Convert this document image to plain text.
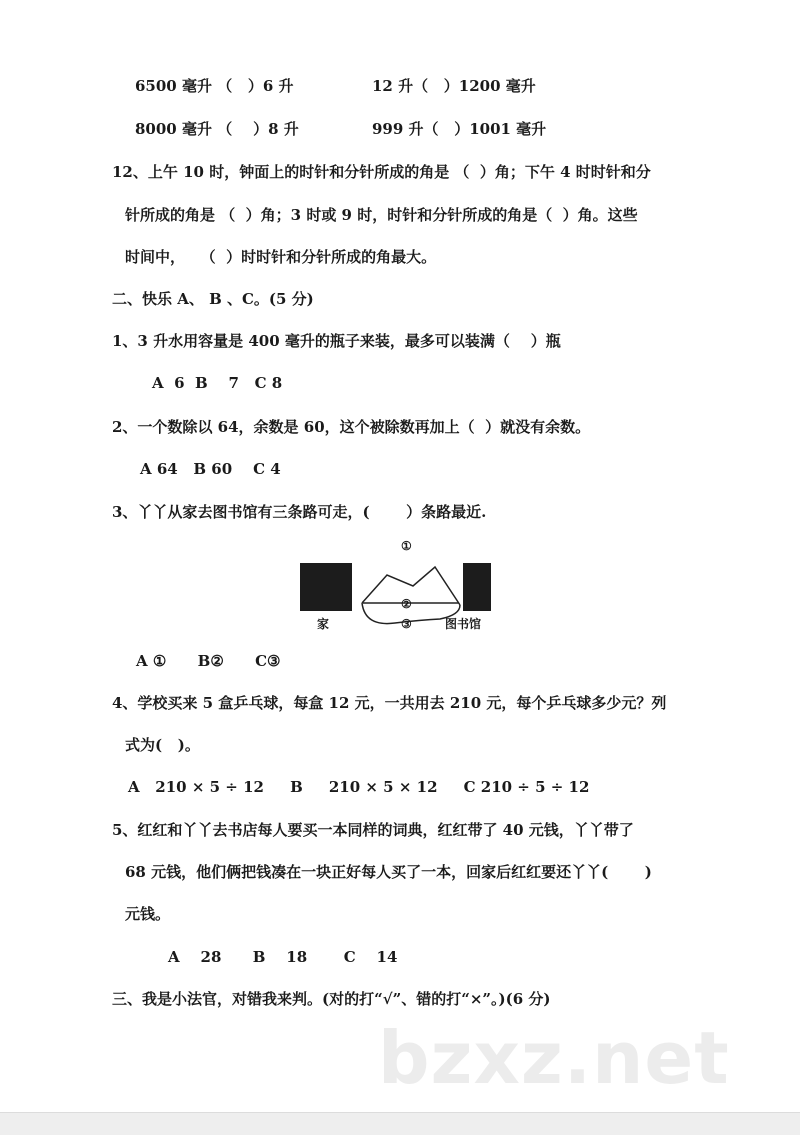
6500 毫升 （   ）6 升	12 升（   ）1200 毫升
8000 毫升 （    ）8 升	999 升（   ）1001 毫升
12、上午 10 时，钟面上的时针和分针所成的角是 （  ）角；下午 4 时时针和分
针所成的角是 （  ）角；3 时或 9 时，时针和分针所成的角是（  ）角。这些
时间中，   （  ）时时针和分针所成的角最大。
二、快乐 A、 B 、C。(5 分)
1、3 升水用容量是 400 毫升的瓶子来装，最多可以装满（    ）瓶
A  6  B    7   C 8
2、一个数除以 64，余数是 60，这个被除数再加上（  ）就没有余数。
A 64   B 60    C 4
3、丫丫从家去图书馆有三条路可走，(       ）条路最近.
①
②
③
家	图书馆
A ①      B②      C③
4、学校买来 5 盒乒乓球，每盒 12 元，一共用去 210 元，每个乒乓球多少元？列
式为(   )。
A   210 × 5 ÷ 12     B     210 × 5 × 12     C 210 ÷ 5 ÷ 12
5、红红和丫丫去书店每人要买一本同样的词典，红红带了 40 元钱，丫丫带了
68 元钱，他们俩把钱凑在一块正好每人买了一本，回家后红红要还丫丫(       )
元钱。
A    28      B    18       C    14
三、我是小法官，对错我来判。(对的打“√”、错的打“×”。)(6 分)
bzxz.net
